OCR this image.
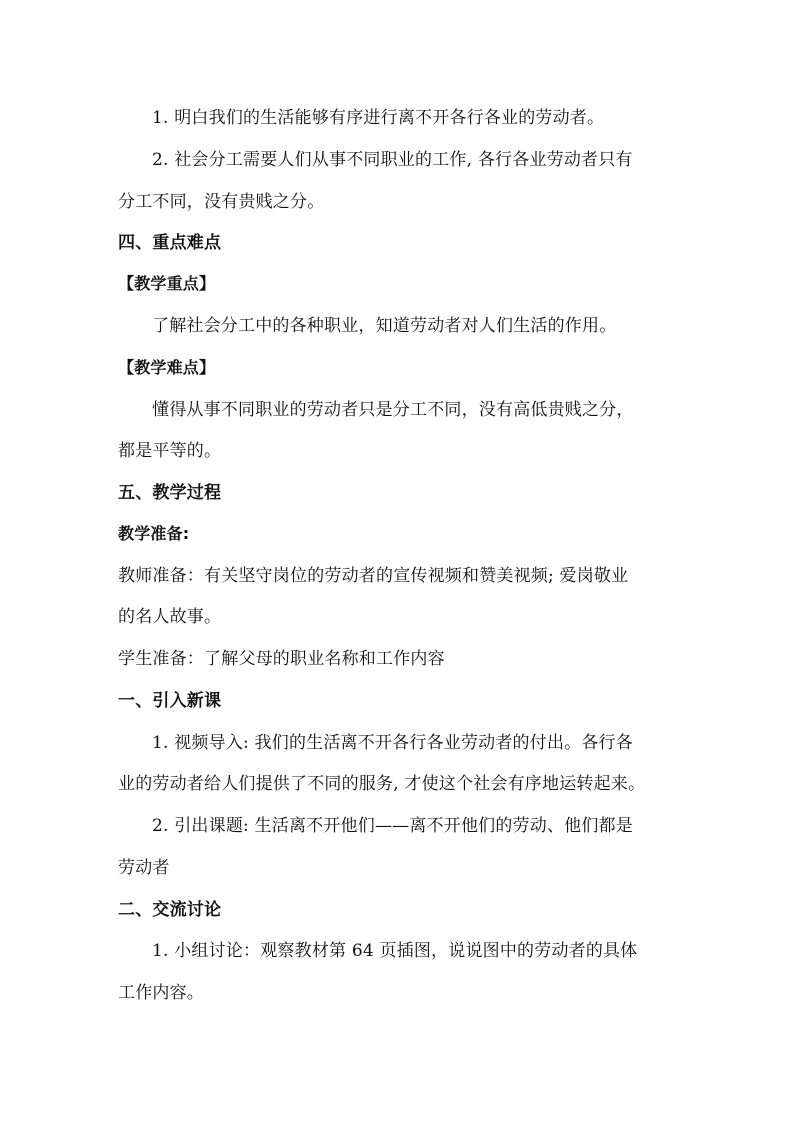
1. 明白我们的生活能够有序进行离不开各行各业的劳动者。
2. 社会分工需要人们从事不同职业的工作, 各行各业劳动者只有
分工不同，没有贵贱之分。
四、重点难点
【教学重点】
了解社会分工中的各种职业，知道劳动者对人们生活的作用。
【教学难点】
懂得从事不同职业的劳动者只是分工不同，没有高低贵贱之分，
都是平等的。
五、教学过程
教学准备:
教师准备：有关坚守岗位的劳动者的宣传视频和赞美视频; 爱岗敬业
的名人故事。
学生准备：了解父母的职业名称和工作内容
一、引入新课
1. 视频导入: 我们的生活离不开各行各业劳动者的付出。各行各
业的劳动者给人们提供了不同的服务, 才使这个社会有序地运转起来。
2. 引出课题: 生活离不开他们——离不开他们的劳动、他们都是
劳动者
二、交流讨论
1. 小组讨论：观察教材第 64 页插图，说说图中的劳动者的具体
工作内容。
